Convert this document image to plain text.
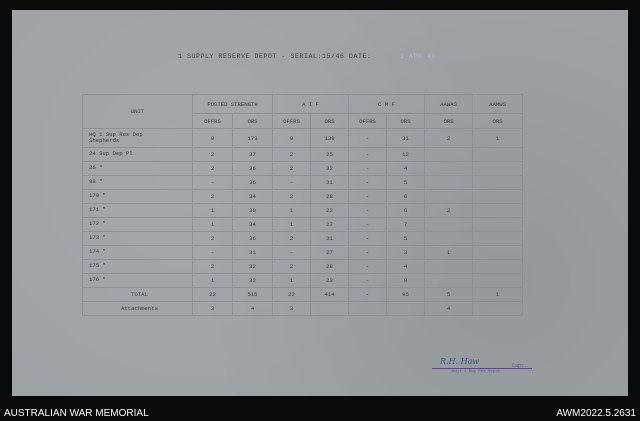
1 SUPPLY RESERVE DEPOT - SERIAL:15/46 DATE:	1 APR 46
UNIT	POSTED STRENGTH		A I F		C M F		AAWAS	AAMWS
	OFFRS	ORS	OFFRS	ORS	OFFRS	ORS	ORS	ORS

HQ 1 Sup Res Dep
Shepherds	9	173	9	139	-	31	2	1

24 Sup Dep Pl	2	37	2	25	-	12		

26 "	2	36	2	32	-	4		

98 "	-	36	-	31	-	5		

170 "	2	34	2	28	-	6		

171 "	1	30	1	22	-	6	2	

172 "	1	34	1	27	-	7		

173 "	2	36	2	31	-	5		

174 "	-	31	-	27	-	3	1	

175 "	2	32	2	28	-	4		

176 "	1	32	1	23	-	9		
TOTAL	22	515	22	414	-	95	5	1
Attachments	3	4	3				4	
R.H. Haw	Capt.
Adjt 1 Sup Res Depot
AUSTRALIAN WAR MEMORIAL	AWM2022.5.2631
